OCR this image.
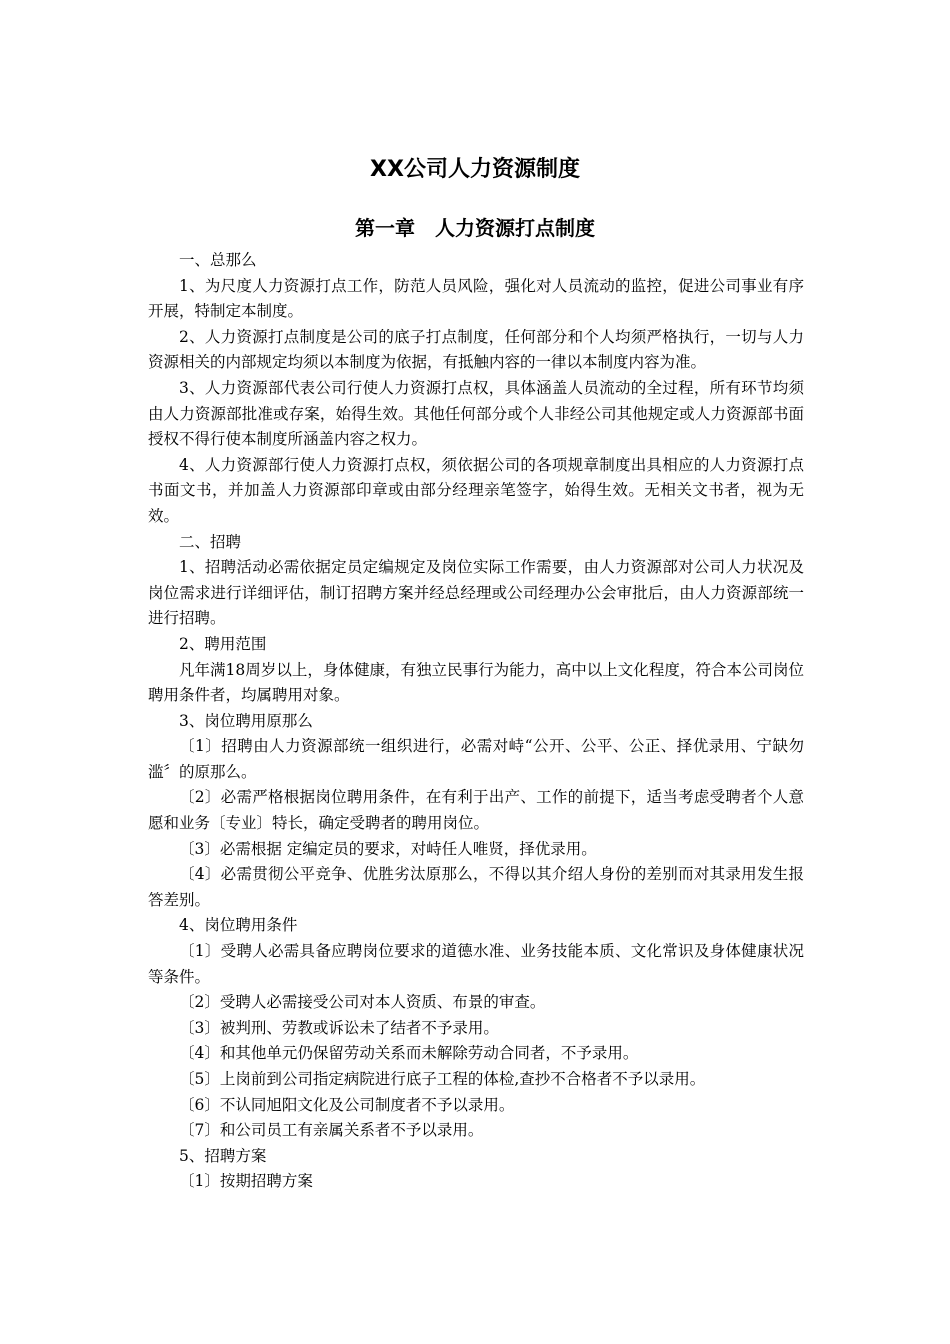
XX公司人力资源制度
第一章　人力资源打点制度

一、总那么

1、为尺度人力资源打点工作，防范人员风险，强化对人员流动的监控，促进公司事业有序开展，特制定本制度。

2、人力资源打点制度是公司的底子打点制度，任何部分和个人均须严格执行，一切与人力资源相关的内部规定均须以本制度为依据，有抵触内容的一律以本制度内容为准。

3、人力资源部代表公司行使人力资源打点权，具体涵盖人员流动的全过程，所有环节均须由人力资源部批准或存案，始得生效。其他任何部分或个人非经公司其他规定或人力资源部书面授权不得行使本制度所涵盖内容之权力。

4、人力资源部行使人力资源打点权，须依据公司的各项规章制度出具相应的人力资源打点书面文书，并加盖人力资源部印章或由部分经理亲笔签字，始得生效。无相关文书者，视为无效。

二、招聘

1、招聘活动必需依据定员定编规定及岗位实际工作需要，由人力资源部对公司人力状况及岗位需求进行详细评估，制订招聘方案并经总经理或公司经理办公会审批后，由人力资源部统一进行招聘。

2、聘用范围

凡年满18周岁以上，身体健康，有独立民事行为能力，高中以上文化程度，符合本公司岗位聘用条件者，均属聘用对象。

3、岗位聘用原那么

〔1〕招聘由人力资源部统一组织进行，必需对峙“公开、公平、公正、择优录用、宁缺勿滥〞的原那么。

〔2〕必需严格根据岗位聘用条件，在有利于出产、工作的前提下，适当考虑受聘者个人意愿和业务〔专业〕特长，确定受聘者的聘用岗位。

〔3〕必需根据 定编定员的要求，对峙任人唯贤，择优录用。

〔4〕必需贯彻公平竞争、优胜劣汰原那么，不得以其介绍人身份的差别而对其录用发生报答差别。

4、岗位聘用条件

〔1〕受聘人必需具备应聘岗位要求的道德水准、业务技能本质、文化常识及身体健康状况等条件。

〔2〕受聘人必需接受公司对本人资质、布景的审查。

〔3〕被判刑、劳教或诉讼未了结者不予录用。

〔4〕和其他单元仍保留劳动关系而未解除劳动合同者，不予录用。

〔5〕上岗前到公司指定病院进行底子工程的体检,查抄不合格者不予以录用。

〔6〕不认同旭阳文化及公司制度者不予以录用。

〔7〕和公司员工有亲属关系者不予以录用。

5、招聘方案

〔1〕按期招聘方案
